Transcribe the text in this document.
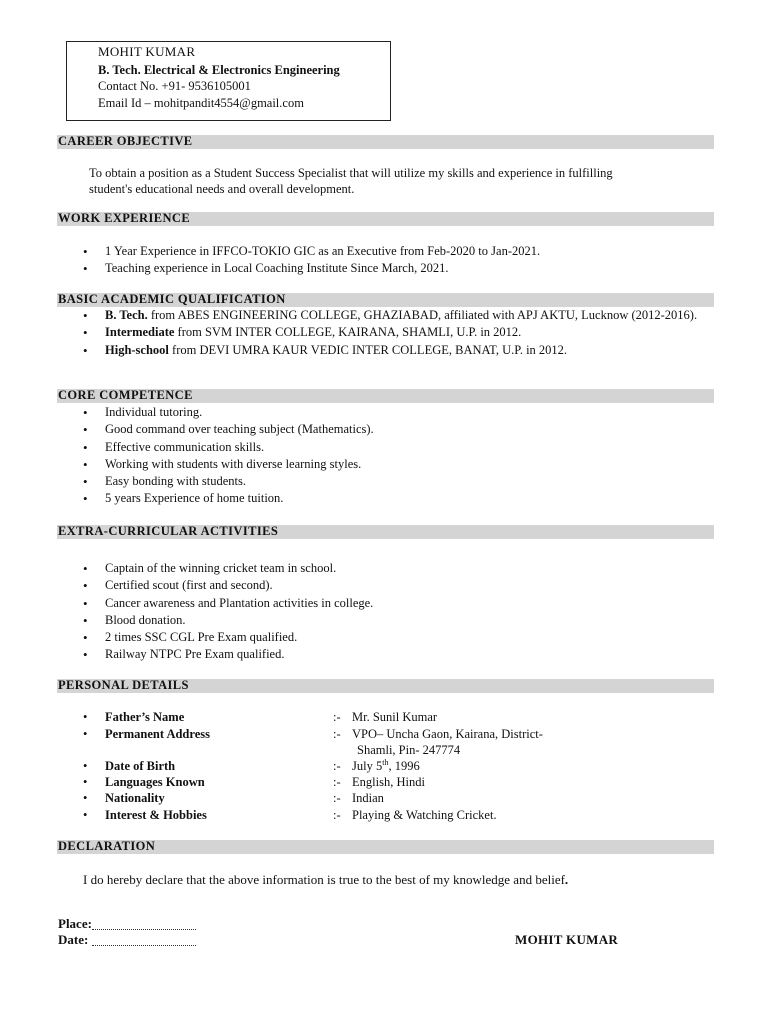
MOHIT KUMAR
B. Tech. Electrical & Electronics Engineering
Contact No. +91- 9536105001
Email Id – mohitpandit4554@gmail.com
CAREER OBJECTIVE
To obtain a position as a Student Success Specialist that will utilize my skills and experience in fulfilling
student's educational needs and overall development.
WORK EXPERIENCE
• 1 Year Experience in IFFCO-TOKIO GIC as an Executive from Feb-2020 to Jan-2021.
• Teaching experience in Local Coaching Institute Since March, 2021.
BASIC ACADEMIC QUALIFICATION
• B. Tech. from ABES ENGINEERING COLLEGE, GHAZIABAD, affiliated with APJ AKTU, Lucknow (2012-2016).
• Intermediate from SVM INTER COLLEGE, KAIRANA, SHAMLI, U.P. in 2012.
• High-school from DEVI UMRA KAUR VEDIC INTER COLLEGE, BANAT, U.P. in 2012.
CORE COMPETENCE
• Individual tutoring.
• Good command over teaching subject (Mathematics).
• Effective communication skills.
• Working with students with diverse learning styles.
• Easy bonding with students.
• 5 years Experience of home tuition.
EXTRA-CURRICULAR ACTIVITIES
• Captain of the winning cricket team in school.
• Certified scout (first and second).
• Cancer awareness and Plantation activities in college.
• Blood donation.
• 2 times SSC CGL Pre Exam qualified.
• Railway NTPC Pre Exam qualified.
PERSONAL DETAILS
• Father’s Name	:- Mr. Sunil Kumar
• Permanent Address	:- VPO– Uncha Gaon, Kairana, District-
Shamli, Pin- 247774
• Date of Birth	:- July 5th, 1996
• Languages Known	:- English, Hindi
• Nationality	:- Indian
• Interest & Hobbies	:- Playing & Watching Cricket.
DECLARATION
I do hereby declare that the above information is true to the best of my knowledge and belief.
Place:
Date:	MOHIT KUMAR
